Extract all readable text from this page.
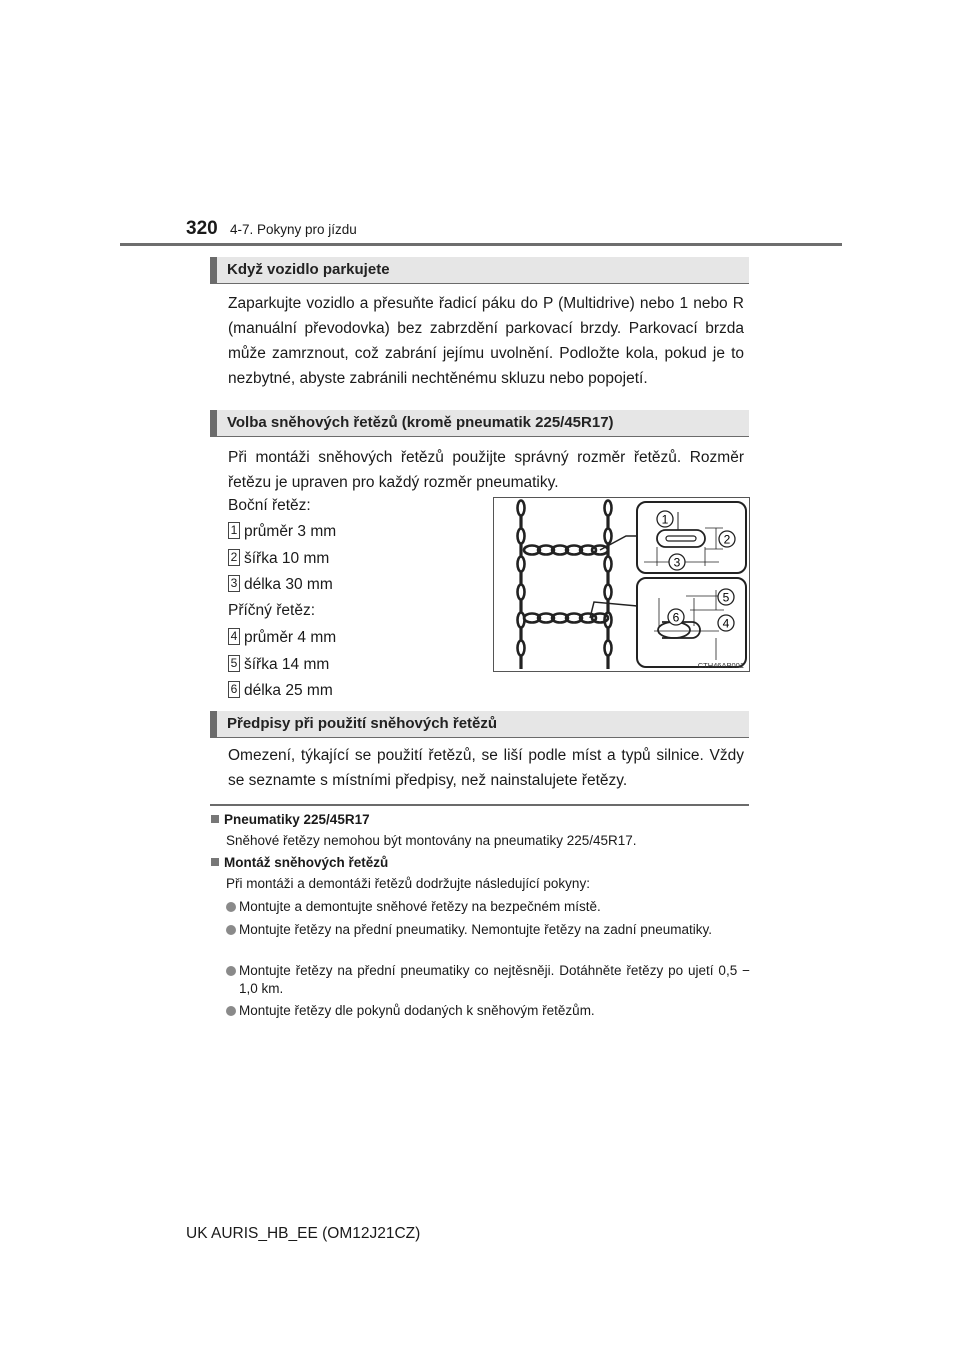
320 4-7. Pokyny pro jízdu
Když vozidlo parkujete
Zaparkujte vozidlo a přesuňte řadicí páku do P (Multidrive) nebo 1 nebo R (manuální převodovka) bez zabrzdění parkovací brzdy. Parkovací brzda může zamrznout, což zabrání jejímu uvolnění. Podložte kola, pokud je to nezbytné, abyste zabránili nechtěnému skluzu nebo popojetí.
Volba sněhových řetězů (kromě pneumatik 225/45R17)
Při montáži sněhových řetězů použijte správný rozměr řetězů. Rozměr řetězu je upraven pro každý rozměr pneumatiky.
Boční řetěz:
1 průměr 3 mm
2 šířka 10 mm
3 délka 30 mm
Příčný řetěz:
4 průměr 4 mm
5 šířka 14 mm
6 délka 25 mm
1
2
3
5
6	4
CTH46AP001
Předpisy při použití sněhových řetězů
Omezení, týkající se použití řetězů, se liší podle míst a typů silnice. Vždy se seznamte s místními předpisy, než nainstalujete řetězy.
Pneumatiky 225/45R17
Sněhové řetězy nemohou být montovány na pneumatiky 225/45R17.
Montáž sněhových řetězů
Při montáži a demontáži řetězů dodržujte následující pokyny:
Montujte a demontujte sněhové řetězy na bezpečném místě.
Montujte řetězy na přední pneumatiky. Nemontujte řetězy na zadní pneumatiky.
Montujte řetězy na přední pneumatiky co nejtěsněji. Dotáhněte řetězy po ujetí 0,5 − 1,0 km.
Montujte řetězy dle pokynů dodaných k sněhovým řetězům.
UK AURIS_HB_EE (OM12J21CZ)
